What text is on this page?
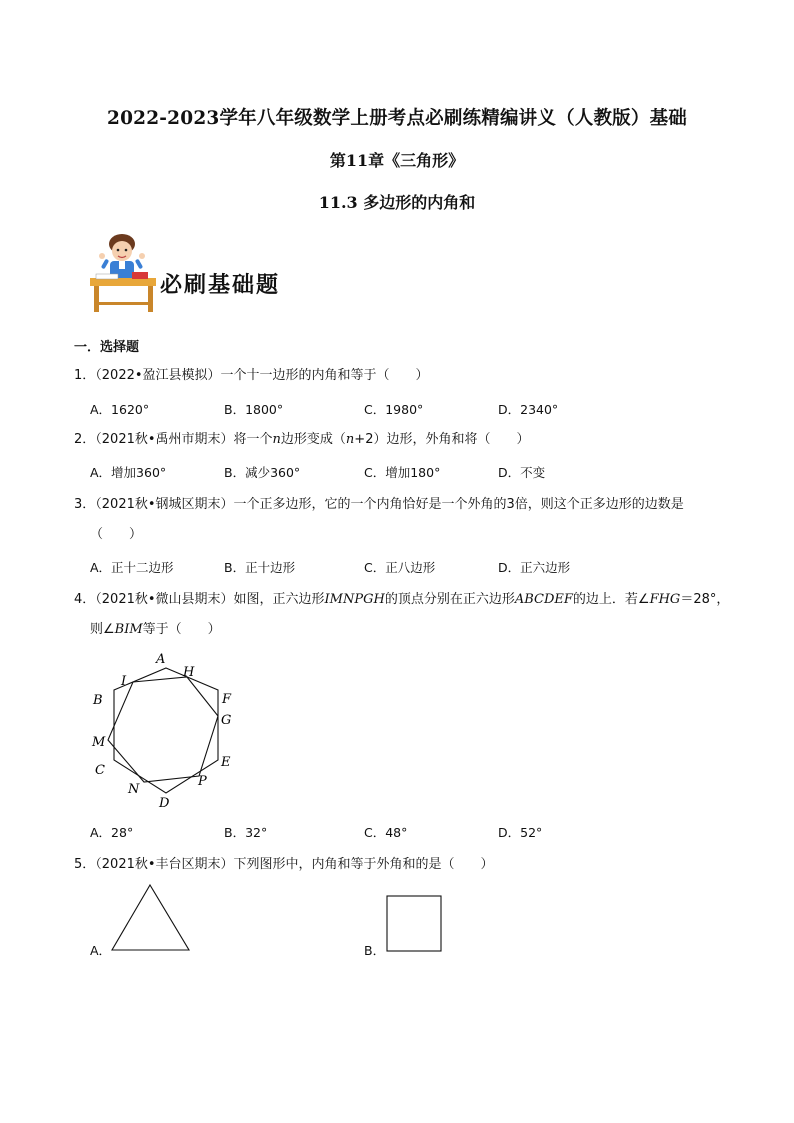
2022-2023学年八年级数学上册考点必刷练精编讲义（人教版）基础
第11章《三角形》
11.3 多边形的内角和
必刷基础题
一．选择题
1．（2022•盈江县模拟）一个十一边形的内角和等于（　　）
A．1620°	B．1800°	C．1980°	D．2340°
2．（2021秋•禹州市期末）将一个n边形变成（n+2）边形，外角和将（　　）
A．增加360°	B．减少360°	C．增加180°	D．不变
3．（2021秋•钢城区期末）一个正多边形，它的一个内角恰好是一个外角的3倍，则这个正多边形的边数是
（　　）
A．正十二边形	B．正十边形	C．正八边形	D．正六边形
4．（2021秋•微山县期末）如图，正六边形IMNPGH的顶点分别在正六边形ABCDEF的边上．若∠FHG＝28°，
则∠BIM等于（　　）
A
H
I
B	F
G
M
C
E
P
N
D
A．28°	B．32°	C．48°	D．52°
5．（2021秋•丰台区期末）下列图形中，内角和等于外角和的是（　　）
A．	B．
